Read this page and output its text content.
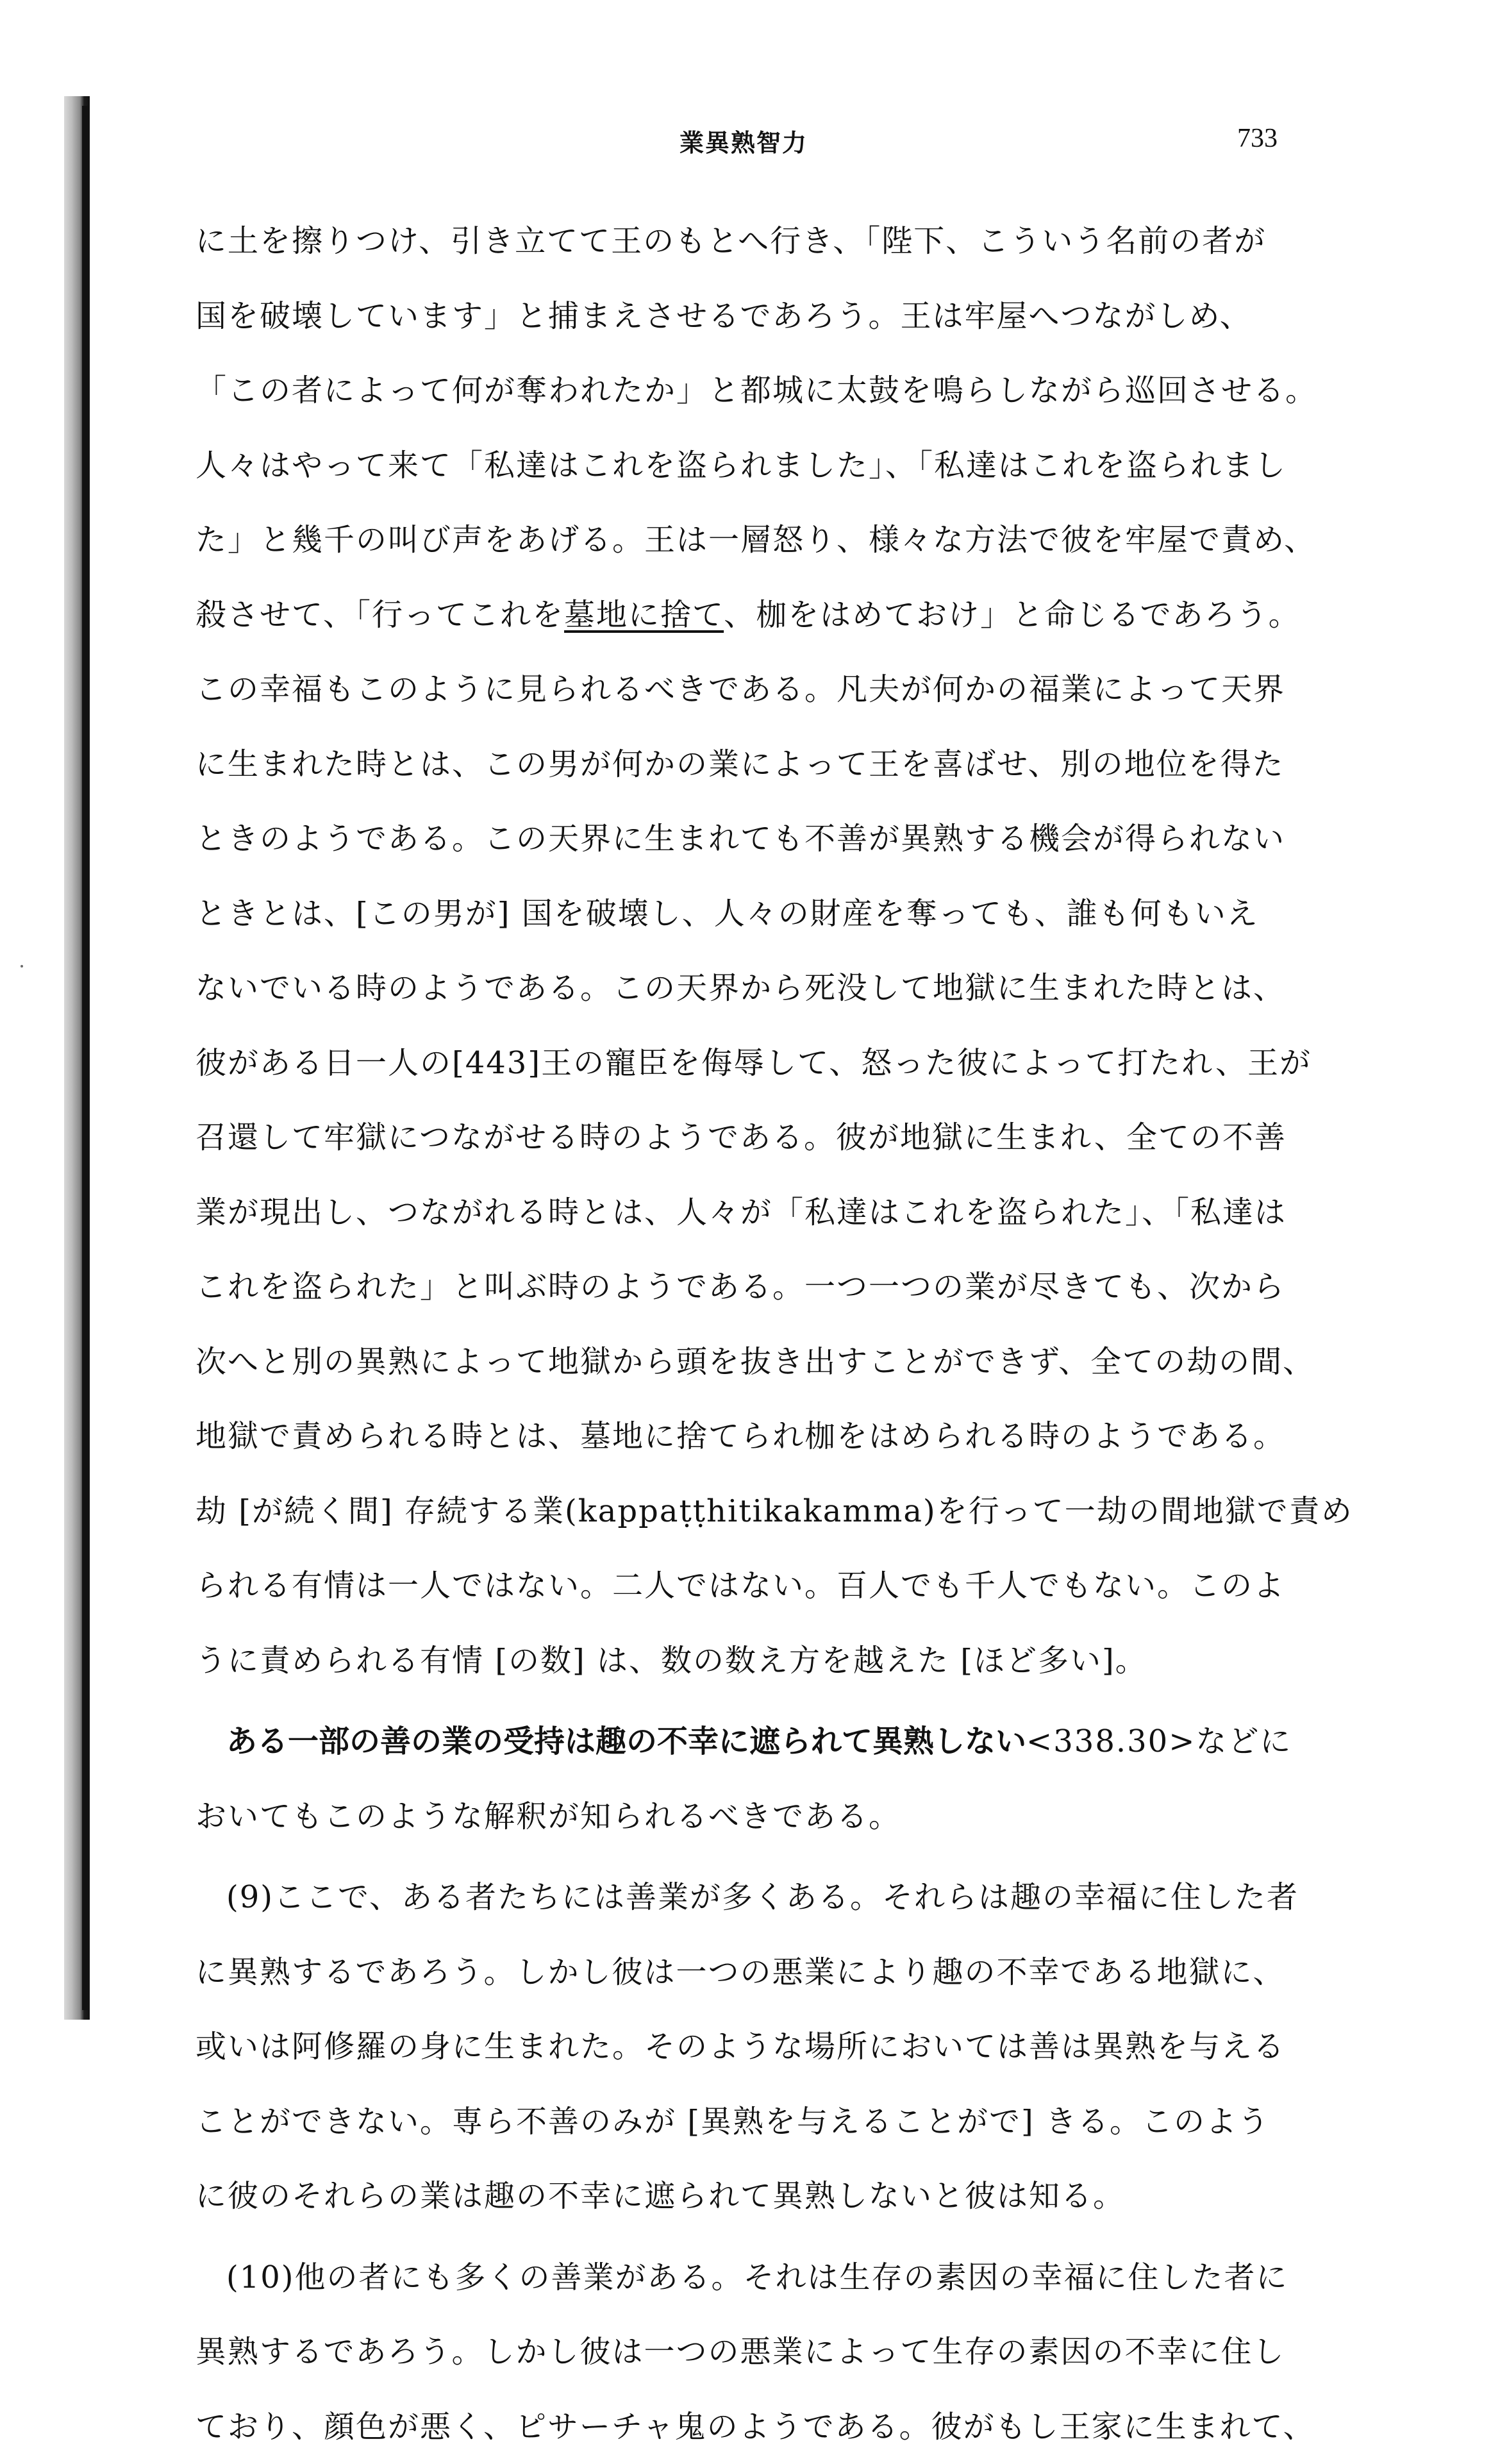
業異熟智力	733
に土を擦りつけ、引き立てて王のもとへ行き、「陛下、こういう名前の者が
国を破壊しています」と捕まえさせるであろう。王は牢屋へつながしめ、
「この者によって何が奪われたか」と都城に太鼓を鳴らしながら巡回させる。
人々はやって来て「私達はこれを盗られました」、「私達はこれを盗られまし
た」と幾千の叫び声をあげる。王は一層怒り、様々な方法で彼を牢屋で責め、
殺させて、「行ってこれを墓地に捨て、枷をはめておけ」と命じるであろう。
この幸福もこのように見られるべきである。凡夫が何かの福業によって天界
に生まれた時とは、この男が何かの業によって王を喜ばせ、別の地位を得た
ときのようである。この天界に生まれても不善が異熟する機会が得られない
ときとは、[この男が] 国を破壊し、人々の財産を奪っても、誰も何もいえ
ないでいる時のようである。この天界から死没して地獄に生まれた時とは、
彼がある日一人の[443]王の寵臣を侮辱して、怒った彼によって打たれ、王が
召還して牢獄につながせる時のようである。彼が地獄に生まれ、全ての不善
業が現出し、つながれる時とは、人々が「私達はこれを盗られた」、「私達は
これを盗られた」と叫ぶ時のようである。一つ一つの業が尽きても、次から
次へと別の異熟によって地獄から頭を抜き出すことができず、全ての劫の間、
地獄で責められる時とは、墓地に捨てられ枷をはめられる時のようである。
劫 [が続く間] 存続する業(kappaṭṭhitikakamma)を行って一劫の間地獄で責め
られる有情は一人ではない。二人ではない。百人でも千人でもない。このよ
うに責められる有情 [の数] は、数の数え方を越えた [ほど多い]。
ある一部の善の業の受持は趣の不幸に遮られて異熟しない<338.30>などに
おいてもこのような解釈が知られるべきである。
(9)ここで、ある者たちには善業が多くある。それらは趣の幸福に住した者
に異熟するであろう。しかし彼は一つの悪業により趣の不幸である地獄に、
或いは阿修羅の身に生まれた。そのような場所においては善は異熟を与える
ことができない。専ら不善のみが [異熟を与えることがで] きる。このよう
に彼のそれらの業は趣の不幸に遮られて異熟しないと彼は知る。
(10)他の者にも多くの善業がある。それは生存の素因の幸福に住した者に
異熟するであろう。しかし彼は一つの悪業によって生存の素因の不幸に住し
ており、顔色が悪く、ピサーチャ鬼のようである。彼がもし王家に生まれて、
